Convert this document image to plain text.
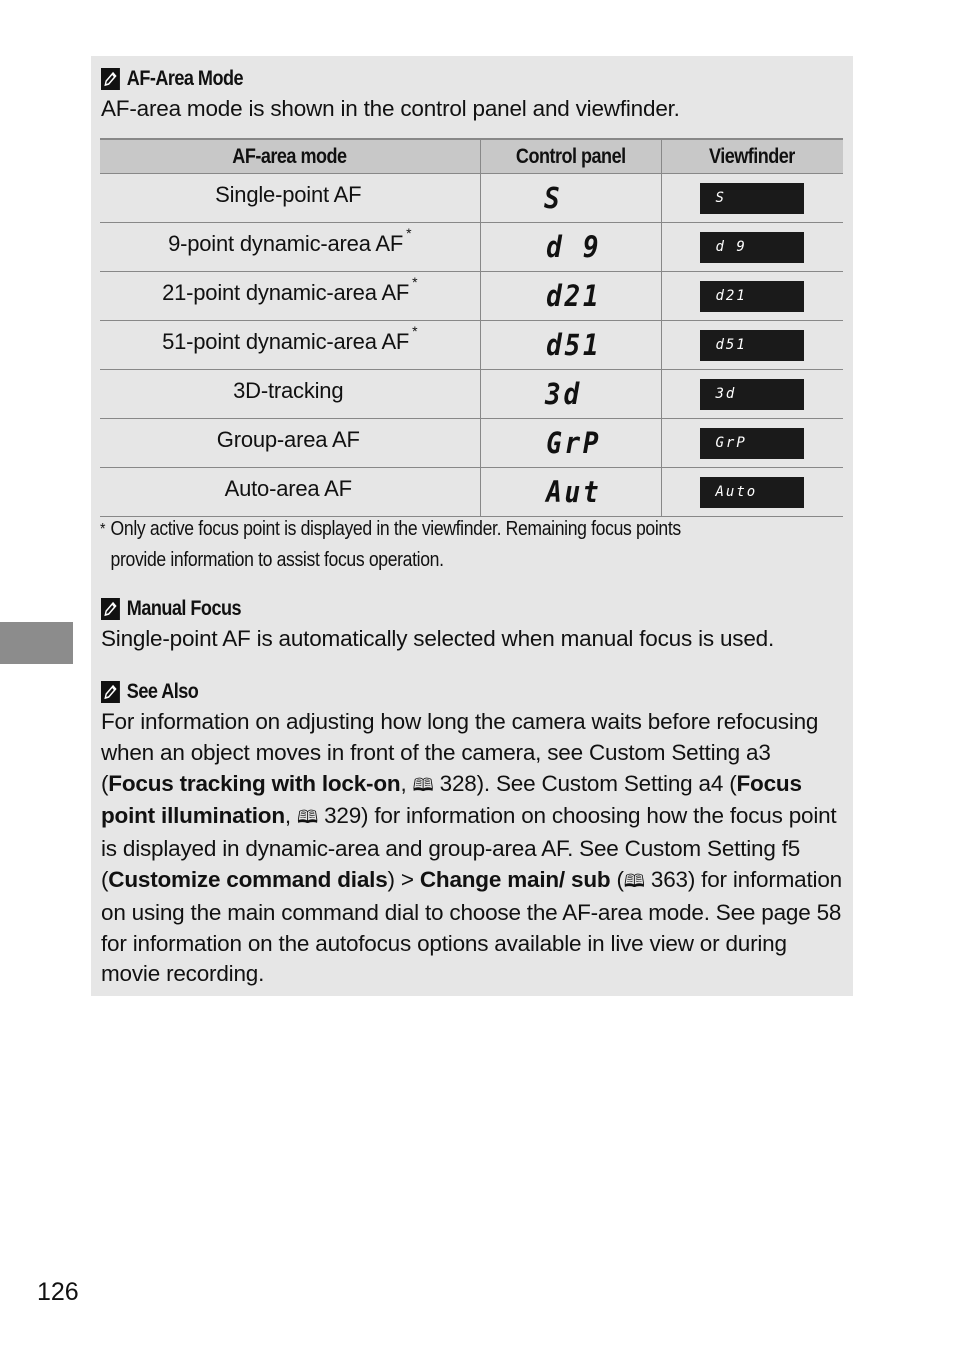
AF-Area Mode
AF-area mode is shown in the control panel and viewfinder.
AF-area mode	Control panel	Viewfinder
Single-point AF	S	S
9-point dynamic-area AF *	d 9	d 9
21-point dynamic-area AF *	d21	d21
51-point dynamic-area AF *	d51	d51
3D-tracking	3d	3d
Group-area AF	GrP	GrP
Auto-area AF	Aut	Auto
* Only active focus point is displayed in the viewfinder. Remaining focus points provide information to assist focus operation.
Manual Focus
Single-point AF is automatically selected when manual focus is used.
See Also
For information on adjusting how long the camera waits before refocusing when an object moves in front of the camera, see Custom Setting a3 (Focus tracking with lock-on, 🕮 328). See Custom Setting a4 (Focus point illumination, 🕮 329) for information on choosing how the focus point is displayed in dynamic-area and group-area AF. See Custom Setting f5 (Customize command dials) > Change main/ sub (🕮 363) for information on using the main command dial to choose the AF-area mode. See page 58 for information on the autofocus options available in live view or during movie recording.
126
